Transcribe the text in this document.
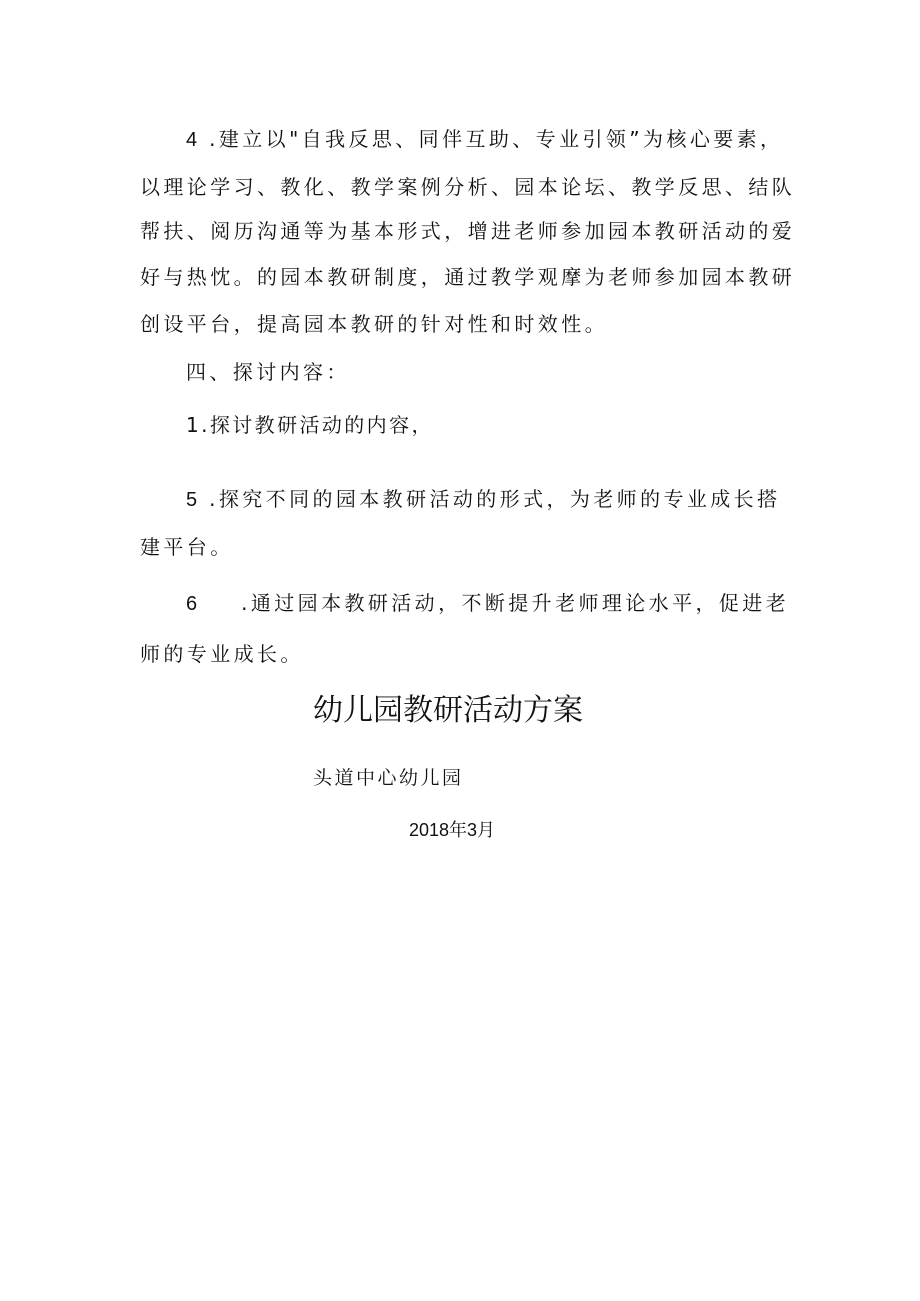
4 .建立以"自我反思、同伴互助、专业引领”为核心要素，
以理论学习、教化、教学案例分析、园本论坛、教学反思、结队
帮扶、阅历沟通等为基本形式，增进老师参加园本教研活动的爱
好与热忱。的园本教研制度，通过教学观摩为老师参加园本教研
创设平台，提高园本教研的针对性和时效性。
四、探讨内容：
1.探讨教研活动的内容，
5 .探究不同的园本教研活动的形式，为老师的专业成长搭
建平台。
6 .通过园本教研活动，不断提升老师理论水平，促进老
师的专业成长。
幼儿园教研活动方案
头道中心幼儿园
2018年3月
